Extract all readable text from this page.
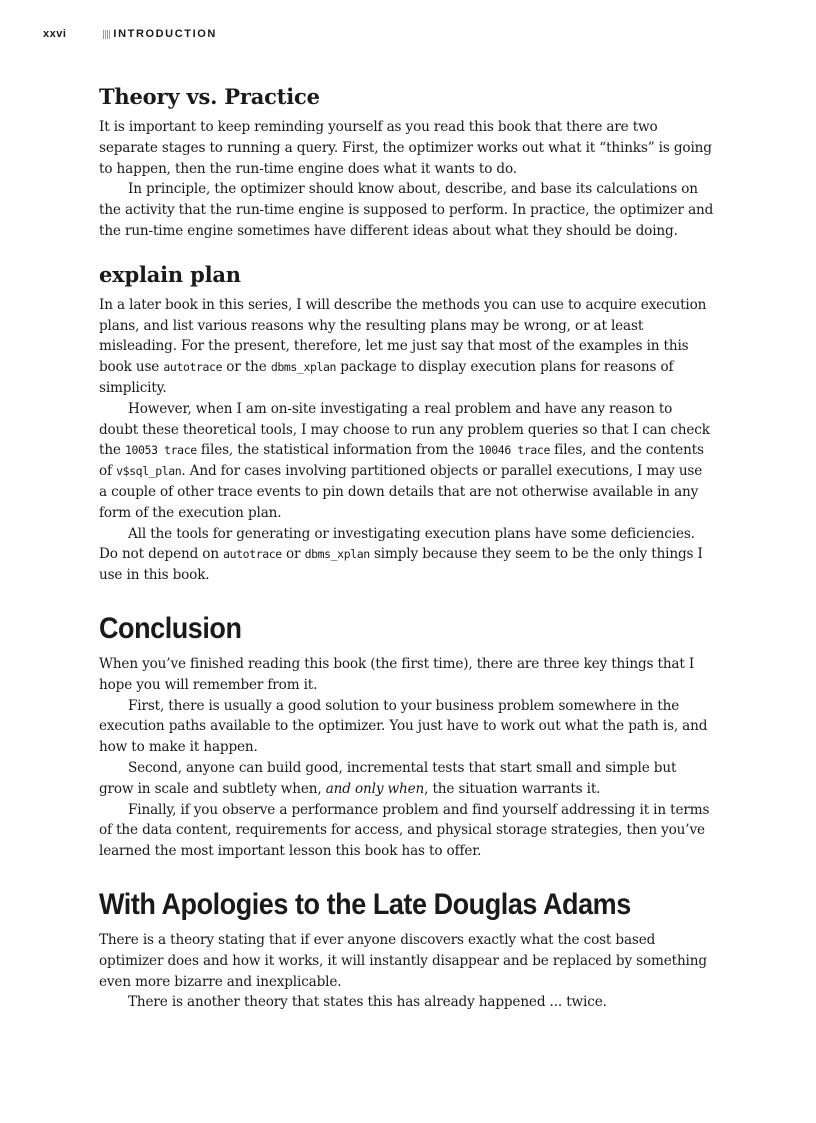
xxvi	INTRODUCTION
Theory vs. Practice

It is important to keep reminding yourself as you read this book that there are two separate stages to running a query. First, the optimizer works out what it “thinks” is going to happen, then the run-time engine does what it wants to do.

In principle, the optimizer should know about, describe, and base its calculations on the activity that the run-time engine is supposed to perform. In practice, the optimizer and the run-time engine sometimes have different ideas about what they should be doing.

explain plan

In a later book in this series, I will describe the methods you can use to acquire execution plans, and list various reasons why the resulting plans may be wrong, or at least misleading. For the present, therefore, let me just say that most of the examples in this book use autotrace or the dbms_xplan package to display execution plans for reasons of simplicity.

However, when I am on-site investigating a real problem and have any reason to doubt these theoretical tools, I may choose to run any problem queries so that I can check the 10053 trace files, the statistical information from the 10046 trace files, and the contents of v$sql_plan. And for cases involving partitioned objects or parallel executions, I may use a couple of other trace events to pin down details that are not otherwise available in any form of the execution plan.

All the tools for generating or investigating execution plans have some deficiencies. Do not depend on autotrace or dbms_xplan simply because they seem to be the only things I use in this book.

Conclusion

When you’ve finished reading this book (the first time), there are three key things that I hope you will remember from it.

First, there is usually a good solution to your business problem somewhere in the execution paths available to the optimizer. You just have to work out what the path is, and how to make it happen.

Second, anyone can build good, incremental tests that start small and simple but grow in scale and subtlety when, and only when, the situation warrants it.

Finally, if you observe a performance problem and find yourself addressing it in terms of the data content, requirements for access, and physical storage strategies, then you’ve learned the most important lesson this book has to offer.

With Apologies to the Late Douglas Adams

There is a theory stating that if ever anyone discovers exactly what the cost based optimizer does and how it works, it will instantly disappear and be replaced by something even more bizarre and inexplicable.

There is another theory that states this has already happened ... twice.
